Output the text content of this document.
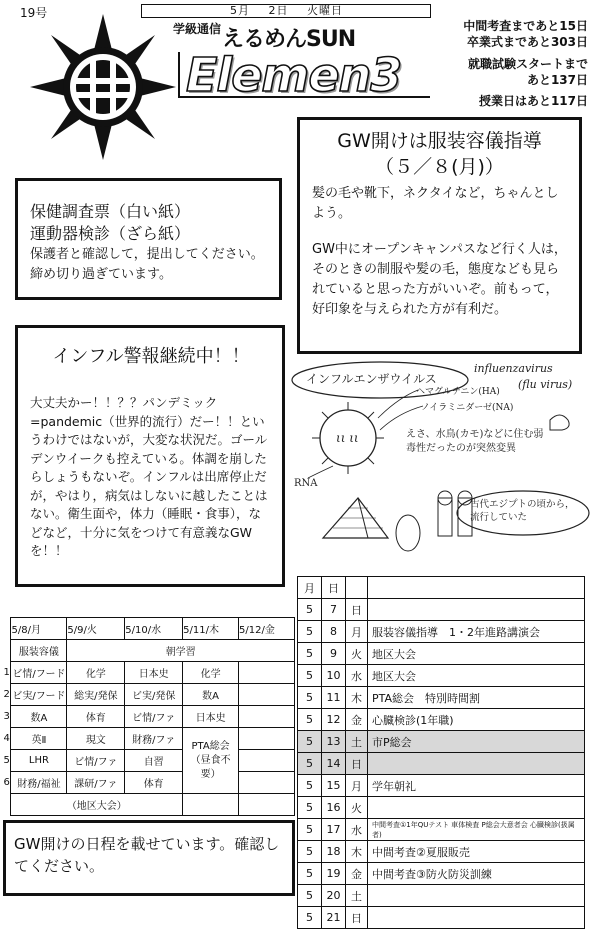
19号	5月 2日 火曜日
学級通信 えるめんSUN
Elemen3
中間考査まであと15日
卒業式まであと303日
就職試験スタートまで
あと137日
授業日はあと117日
GW開けは服装容儀指導
（５／８(月)）
髪の毛や靴下，ネクタイなど，ちゃんとしよう。
GW中にオープンキャンパスなど行く人は，そのときの制服や髪の毛，態度なども見られていると思った方がいいぞ。前もって，好印象を与えられた方が有利だ。
保健調査票（白い紙）
運動器検診（ざら紙）
保護者と確認して，提出してください。締め切り過ぎています。
インフル警報継続中！！
大丈夫かー！！？？パンデミック=pandemic（世界的流行）だー！！というわけではないが，大変な状況だ。ゴールデンウイークも控えている。体調を崩したらしょうもないぞ。インフルは出席停止だが，やはり，病気はしないに越したことはない。衛生面や，体力（睡眠・食事），などなど，十分に気をつけて有意義なGWを！！
ιι ιι
インフルエンザウイルス
influenzavirus
(flu virus)
ヘマグルチニン(HA)
ノイラミニダーゼ(NA)
RNA
えさ、水鳥(カモ)などに住む弱毒性だったのが突然変異
古代エジプトの頃から，流行していた
	5/8/月	5/9/火	5/10/水	5/11/木	5/12/金
	服装容儀	朝学習			
1	ビ情/フード	化学	日本史	化学	
2	ビ実/フード	総実/発保	ビ実/発保	数A	
3	数A	体育	ビ情/ファ	日本史	
4	英Ⅱ	現文	財務/ファ	PTA総会（昼食不要）	
5	LHR	ビ情/ファ	自習		
6	財務/福祉	課研/ファ	体育		
	（地区大会）				
GW開けの日程を載せています。確認してください。
月	日		
5	7	日	
5	8	月	服装容儀指導　1・2年進路講演会
5	9	火	地区大会
5	10	水	地区大会
5	11	木	PTA総会　特別時間割
5	12	金	心臓検診(1年職)
5	13	土	市P総会
5	14	日	
5	15	月	学年朝礼
5	16	火	
5	17	水	中間考査①1年QUテスト 車体検査 P総会大意者会 心臓検診(扱属者)
5	18	木	中間考査②夏服販売
5	19	金	中間考査③防火防災訓練
5	20	土	
5	21	日	
